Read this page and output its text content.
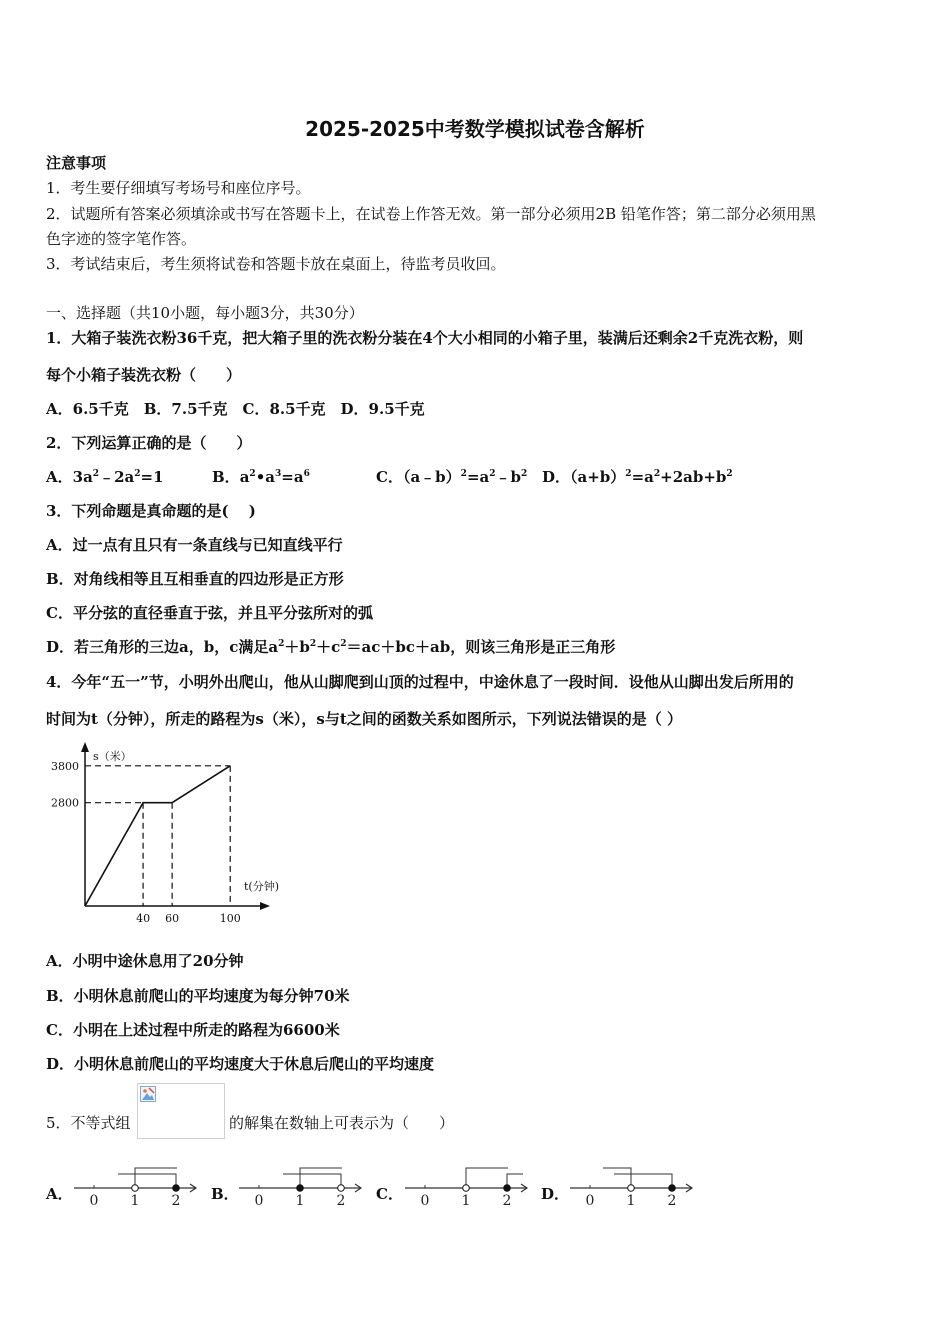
2025-2025中考数学模拟试卷含解析
注意事项
1．考生要仔细填写考场号和座位序号。
2．试题所有答案必须填涂或书写在答题卡上，在试卷上作答无效。第一部分必须用2B 铅笔作答；第二部分必须用黑
色字迹的签字笔作答。
3．考试结束后，考生须将试卷和答题卡放在桌面上，待监考员收回。
一、选择题（共10小题，每小题3分，共30分）
1．大箱子装洗衣粉36千克，把大箱子里的洗衣粉分装在4个大小相同的小箱子里，装满后还剩余2千克洗衣粉，则
每个小箱子装洗衣粉（　　）
A．6.5千克　B．7.5千克　C．8.5千克　D．9.5千克
2．下列运算正确的是（　　）
A．$3a^2﹣2a^2=1$	B．$a^2•a^3=a^6$	C．$(a﹣b)^2=a^2﹣b^2$ D．$(a+b)^2=a^2+2ab+b^2$
3．下列命题是真命题的是(　 )
A．过一点有且只有一条直线与已知直线平行
B．对角线相等且互相垂直的四边形是正方形
C．平分弦的直径垂直于弦，并且平分弦所对的弧
D．若三角形的三边a，b，c满足$a^2+b^2+c^2=ac+bc+ab$，则该三角形是正三角形
4．今年“五一”节，小明外出爬山，他从山脚爬到山顶的过程中，中途休息了一段时间．设他从山脚出发后所用的
时间为t（分钟），所走的路程为s（米），s与t之间的函数关系如图所示，下列说法错误的是（ ）
40 60	100
2800
3800
s（米）
t(分钟)
A．小明中途休息用了20分钟
B．小明休息前爬山的平均速度为每分钟70米
C．小明在上述过程中所走的路程为6600米
D．小明休息前爬山的平均速度大于休息后爬山的平均速度
5．不等式组	的解集在数轴上可表示为（　　）
A． 0 1 2 B． 0 1 2 C． 0 1 2 D． 0 1 2
